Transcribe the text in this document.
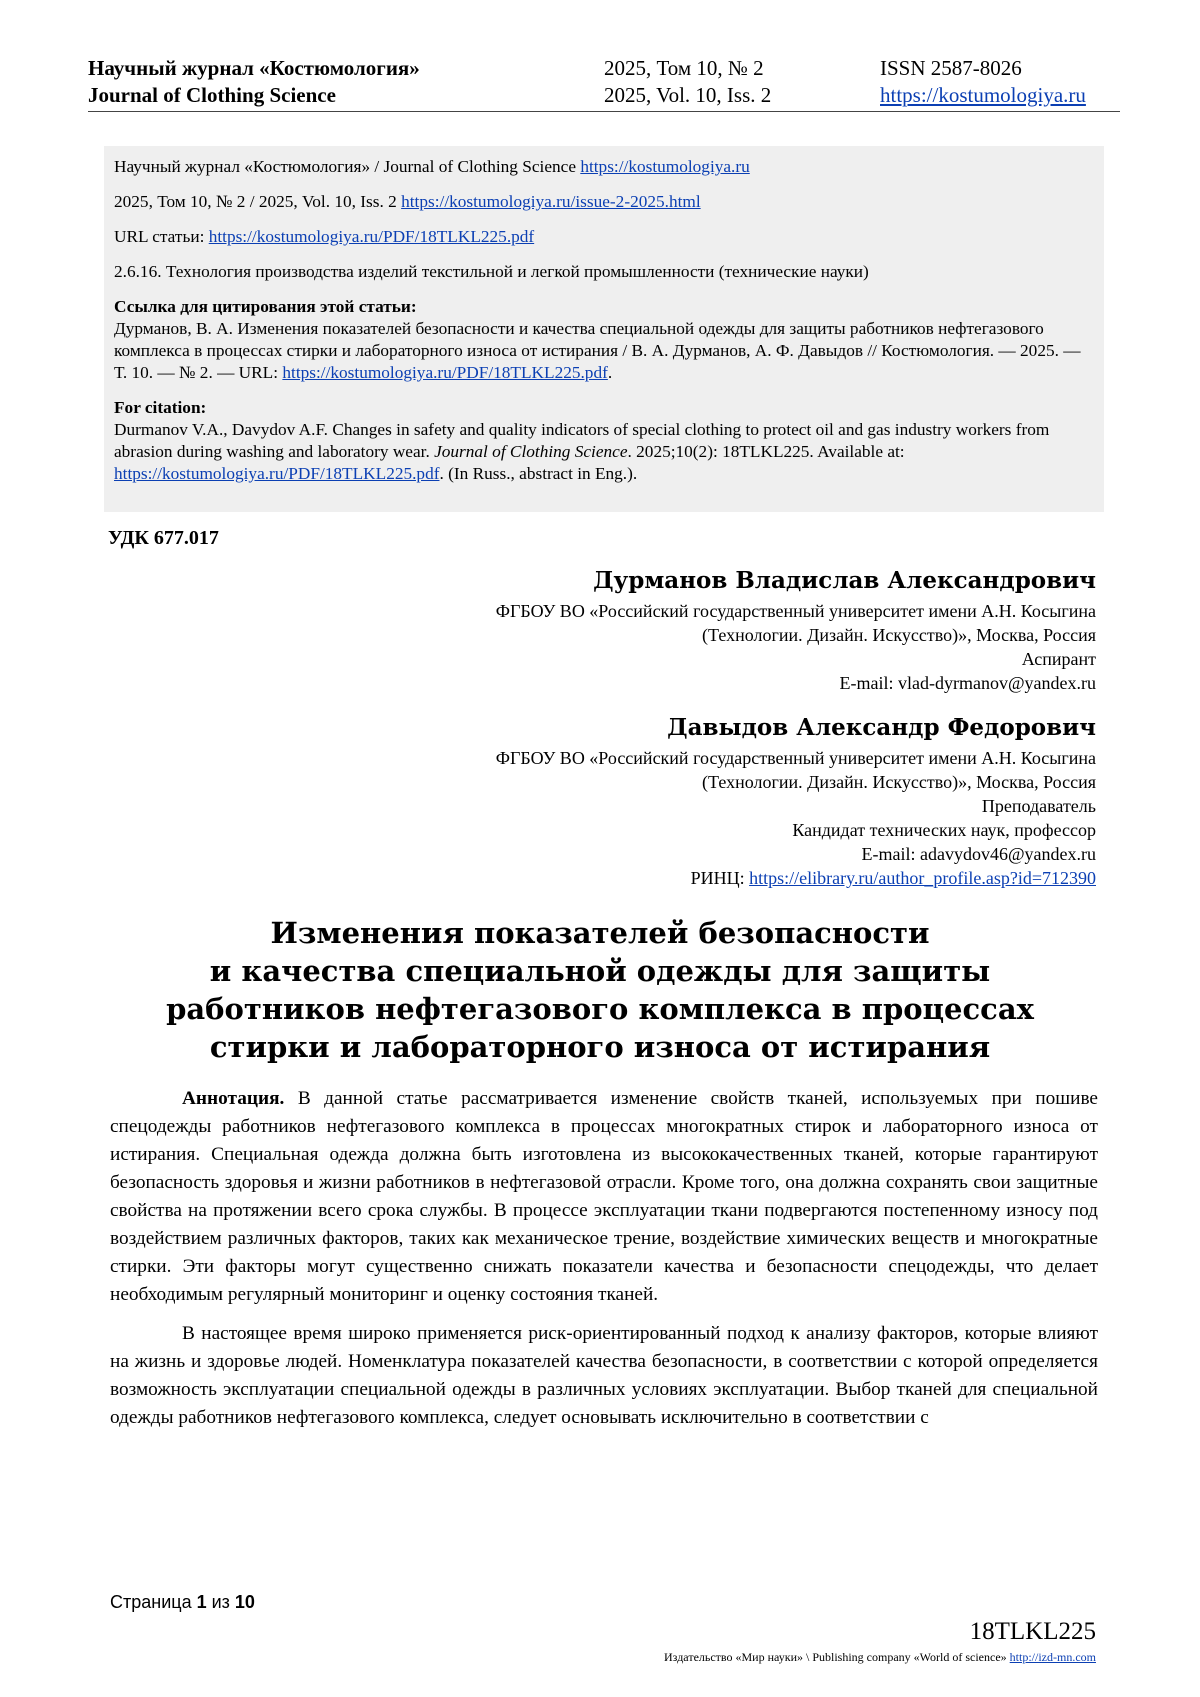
Научный журнал «Костюмология»
Journal of Clothing Science
2025, Том 10, № 2
2025, Vol. 10, Iss. 2
ISSN 2587-8026
https://kostumologiya.ru

Научный журнал «Костюмология» / Journal of Clothing Science https://kostumologiya.ru

2025, Том 10, № 2 / 2025, Vol. 10, Iss. 2 https://kostumologiya.ru/issue-2-2025.html

URL статьи: https://kostumologiya.ru/PDF/18TLKL225.pdf

2.6.16. Технология производства изделий текстильной и легкой промышленности (технические науки)

Ссылка для цитирования этой статьи:
Дурманов, В. А. Изменения показателей безопасности и качества специальной одежды для защиты работников нефтегазового комплекса в процессах стирки и лабораторного износа от истирания / В. А. Дурманов, А. Ф. Давыдов // Костюмология. — 2025. — Т. 10. — № 2. — URL: https://kostumologiya.ru/PDF/18TLKL225.pdf.

For citation:
Durmanov V.A., Davydov A.F. Changes in safety and quality indicators of special clothing to protect oil and gas industry workers from abrasion during washing and laboratory wear. Journal of Clothing Science. 2025;10(2): 18TLKL225. Available at: https://kostumologiya.ru/PDF/18TLKL225.pdf. (In Russ., abstract in Eng.).

УДК 677.017
Дурманов Владислав Александрович
ФГБОУ ВО «Российский государственный университет имени А.Н. Косыгина
(Технологии. Дизайн. Искусство)», Москва, Россия
Аспирант
E-mail: vlad-dyrmanov@yandex.ru
Давыдов Александр Федорович
ФГБОУ ВО «Российский государственный университет имени А.Н. Косыгина
(Технологии. Дизайн. Искусство)», Москва, Россия
Преподаватель
Кандидат технических наук, профессор
E-mail: adavydov46@yandex.ru
РИНЦ: https://elibrary.ru/author_profile.asp?id=712390
Изменения показателей безопасности
и качества специальной одежды для защиты
работников нефтегазового комплекса в процессах
стирки и лабораторного износа от истирания

Аннотация. В данной статье рассматривается изменение свойств тканей, используемых при пошиве спецодежды работников нефтегазового комплекса в процессах многократных стирок и лабораторного износа от истирания. Специальная одежда должна быть изготовлена из высококачественных тканей, которые гарантируют безопасность здоровья и жизни работников в нефтегазовой отрасли. Кроме того, она должна сохранять свои защитные свойства на протяжении всего срока службы. В процессе эксплуатации ткани подвергаются постепенному износу под воздействием различных факторов, таких как механическое трение, воздействие химических веществ и многократные стирки. Эти факторы могут существенно снижать показатели качества и безопасности спецодежды, что делает необходимым регулярный мониторинг и оценку состояния тканей.

В настоящее время широко применяется риск-ориентированный подход к анализу факторов, которые влияют на жизнь и здоровье людей. Номенклатура показателей качества безопасности, в соответствии с которой определяется возможность эксплуатации специальной одежды в различных условиях эксплуатации. Выбор тканей для специальной одежды работников нефтегазового комплекса, следует основывать исключительно в соответствии с

Страница 1 из 10
18TLKL225
Издательство «Мир науки» \ Publishing company «World of science» http://izd-mn.com
